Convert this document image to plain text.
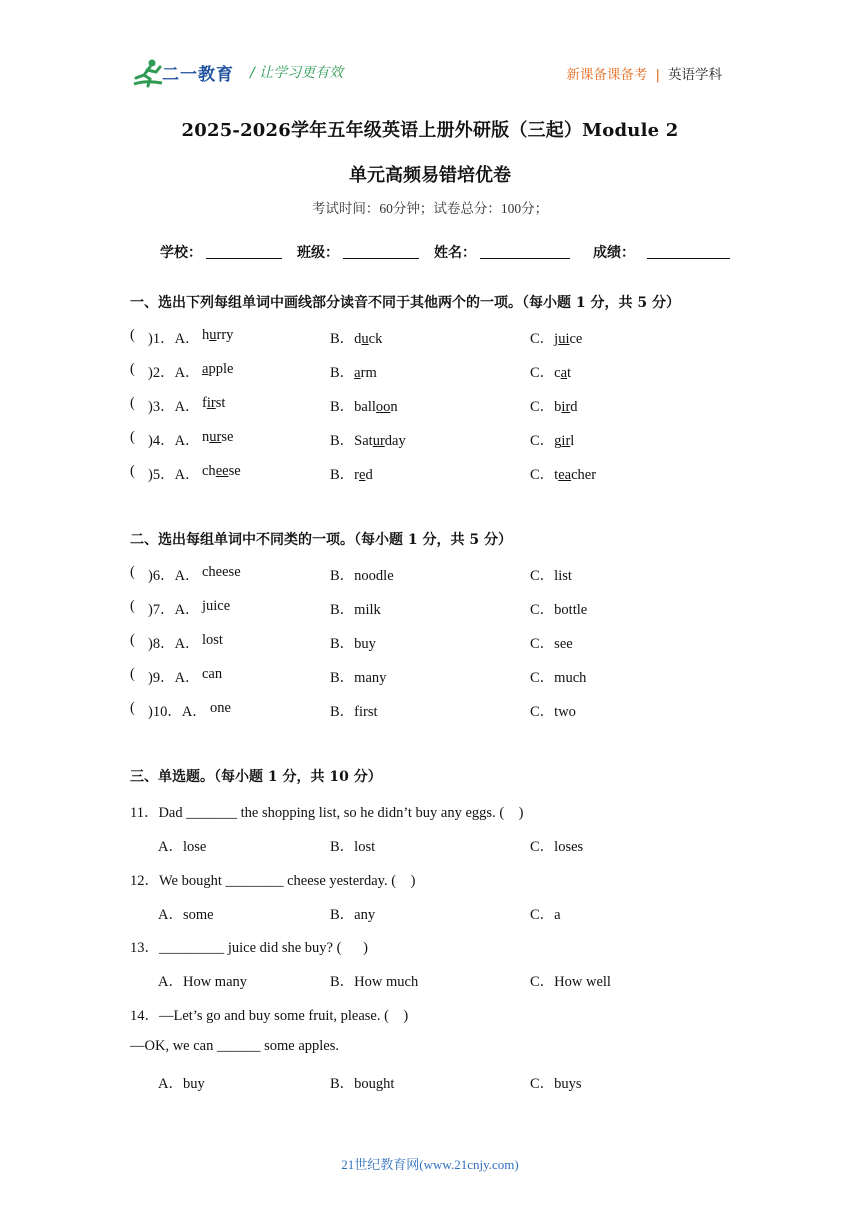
二一教育 / 让学习更有效	新课备课备考 | 英语学科
2025-2026学年五年级英语上册外研版（三起）Module 2
单元高频易错培优卷
考试时间：60分钟；试卷总分：100分；
学校：	班级：	姓名：	成绩：
一、选出下列每组单词中画线部分读音不同于其他两个的一项。（每小题 1 分，共 5 分）
( )1．A． hurry	B．duck	C．juice
( )2．A． apple	B．arm	C．cat
( )3．A． first	B．balloon	C．bird
( )4．A． nurse	B．Saturday	C．girl
( )5．A． cheese	B．red	C．teacher
二、选出每组单词中不同类的一项。（每小题 1 分，共 5 分）
( )6．A． cheese	B．noodle	C．list
( )7．A． juice	B．milk	C．bottle
( )8．A． lost	B．buy	C．see
( )9．A． can	B．many	C．much
( )10．A． one	B．first	C．two
三、单选题。（每小题 1 分，共 10 分）
11．Dad _______ the shopping list, so he didn’t buy any eggs. (    )
A．lose	B．lost	C．loses
12．We bought ________ cheese yesterday. (    )
A．some	B．any	C．a
13．_________ juice did she buy? (      )
A．How many	B．How much	C．How well
14．—Let’s go and buy some fruit, please. (    )
—OK, we can ______ some apples.
A．buy	B．bought	C．buys
21世纪教育网(www.21cnjy.com)
